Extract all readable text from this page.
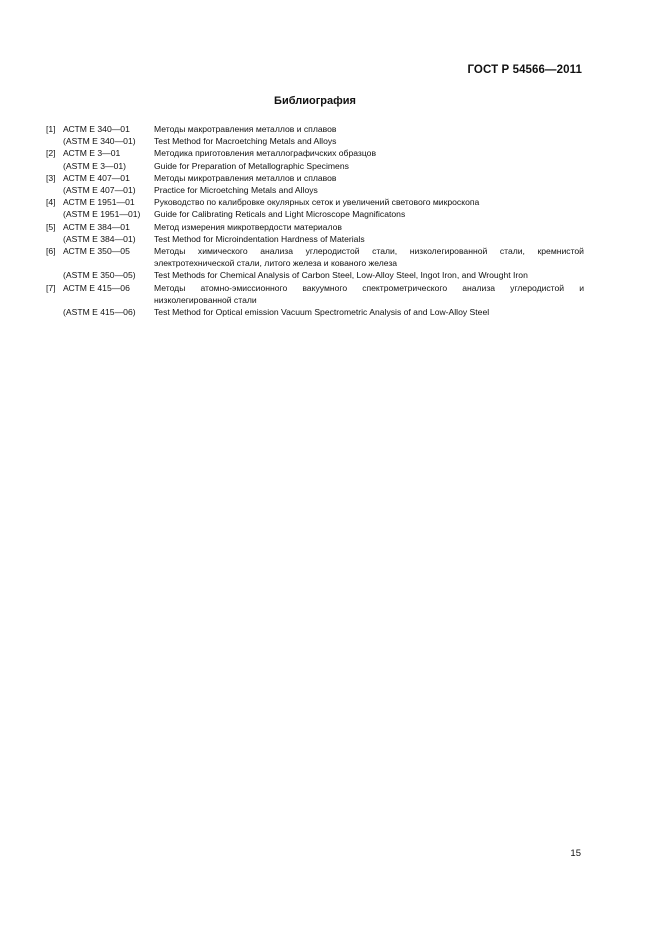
ГОСТ Р 54566—2011
Библиография
[1] АСТМ Е 340—01	Методы макротравления металлов и сплавов
(ASTM E 340—01)	Test Method for Macroetching Metals and Alloys
[2] АСТМ Е 3—01	Методика приготовления металлографичских образцов
(ASTM E 3—01)	Guide for Preparation of Metallographic Specimens
[3] АСТМ Е 407—01	Методы микротравления металлов и сплавов
(ASTM E 407—01)	Practice for Microetching Metals and Alloys
[4] АСТМ Е 1951—01	Руководство по калибровке окулярных сеток и увеличений светового микроскопа
(ASTM E 1951—01)	Guide for Calibrating Reticals and Light Microscope Magnificatons
[5] АСТМ Е 384—01	Метод измерения микротвердости материалов
(ASTM E 384—01)	Test Method for Microindentation Hardness of Materials
[6] АСТМ Е 350—05	Методы химического анализа углеродистой стали, низколегированной стали, кремнистой электротехнической стали, литого железа и кованого железа
(ASTM E 350—05)	Test Methods for Chemical Analysis of Carbon Steel, Low-Alloy Steel, Ingot Iron, and Wrought Iron
[7] АСТМ Е 415—06	Методы атомно-эмиссионного вакуумного спектрометрического анализа углеродистой и низколегированной стали
(ASTM E 415—06)	Test Method for Optical emission Vacuum Spectrometric Analysis of and Low-Alloy Steel
15
